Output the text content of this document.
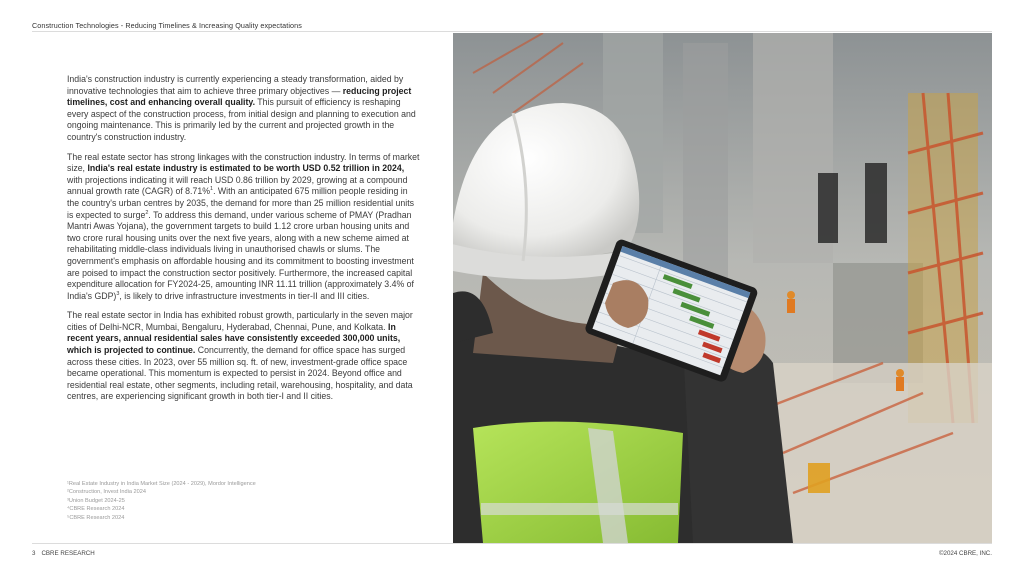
Construction Technologies - Reducing Timelines & Increasing Quality expectations

India's construction industry is currently experiencing a steady transformation, aided by innovative technologies that aim to achieve three primary objectives — reducing project timelines, cost and enhancing overall quality. This pursuit of efficiency is reshaping every aspect of the construction process, from initial design and planning to execution and ongoing maintenance. This is primarily led by the current and projected growth in the country's construction industry.

The real estate sector has strong linkages with the construction industry. In terms of market size, India's real estate industry is estimated to be worth USD 0.52 trillion in 2024, with projections indicating it will reach USD 0.86 trillion by 2029, growing at a compound annual growth rate (CAGR) of 8.71%$^1$. With an anticipated 675 million people residing in the country's urban centres by 2035, the demand for more than 25 million residential units is expected to surge$^2$. To address this demand, under various scheme of PMAY (Pradhan Mantri Awas Yojana), the government targets to build 1.12 crore urban housing units and two crore rural housing units over the next five years, along with a new scheme aimed at rehabilitating middle-class individuals living in unauthorised chawls or slums. The government's emphasis on affordable housing and its commitment to boosting investment are poised to impact the construction sector positively. Furthermore, the increased capital expenditure allocation for FY2024-25, amounting INR 11.11 trillion (approximately 3.4% of India's GDP)$^3$, is likely to drive infrastructure investments in tier-II and III cities.

The real estate sector in India has exhibited robust growth, particularly in the seven major cities of Delhi-NCR, Mumbai, Bengaluru, Hyderabad, Chennai, Pune, and Kolkata. In recent years, annual residential sales have consistently exceeded 300,000 units, which is projected to continue. Concurrently, the demand for office space has surged across these cities. In 2023, over 55 million sq. ft. of new, investment-grade office space became operational. This momentum is expected to persist in 2024. Beyond office and residential real estate, other segments, including retail, warehousing, hospitality, and data centres, are experiencing significant growth in both tier-I and II cities.

¹Real Estate Industry in India Market Size (2024 - 2029), Mordor Intelligence
²Construction, Invest India 2024
³Union Budget 2024-25
⁴CBRE Research 2024
⁵CBRE Research 2024
3 CBRE RESEARCH	©2024 CBRE, INC.
